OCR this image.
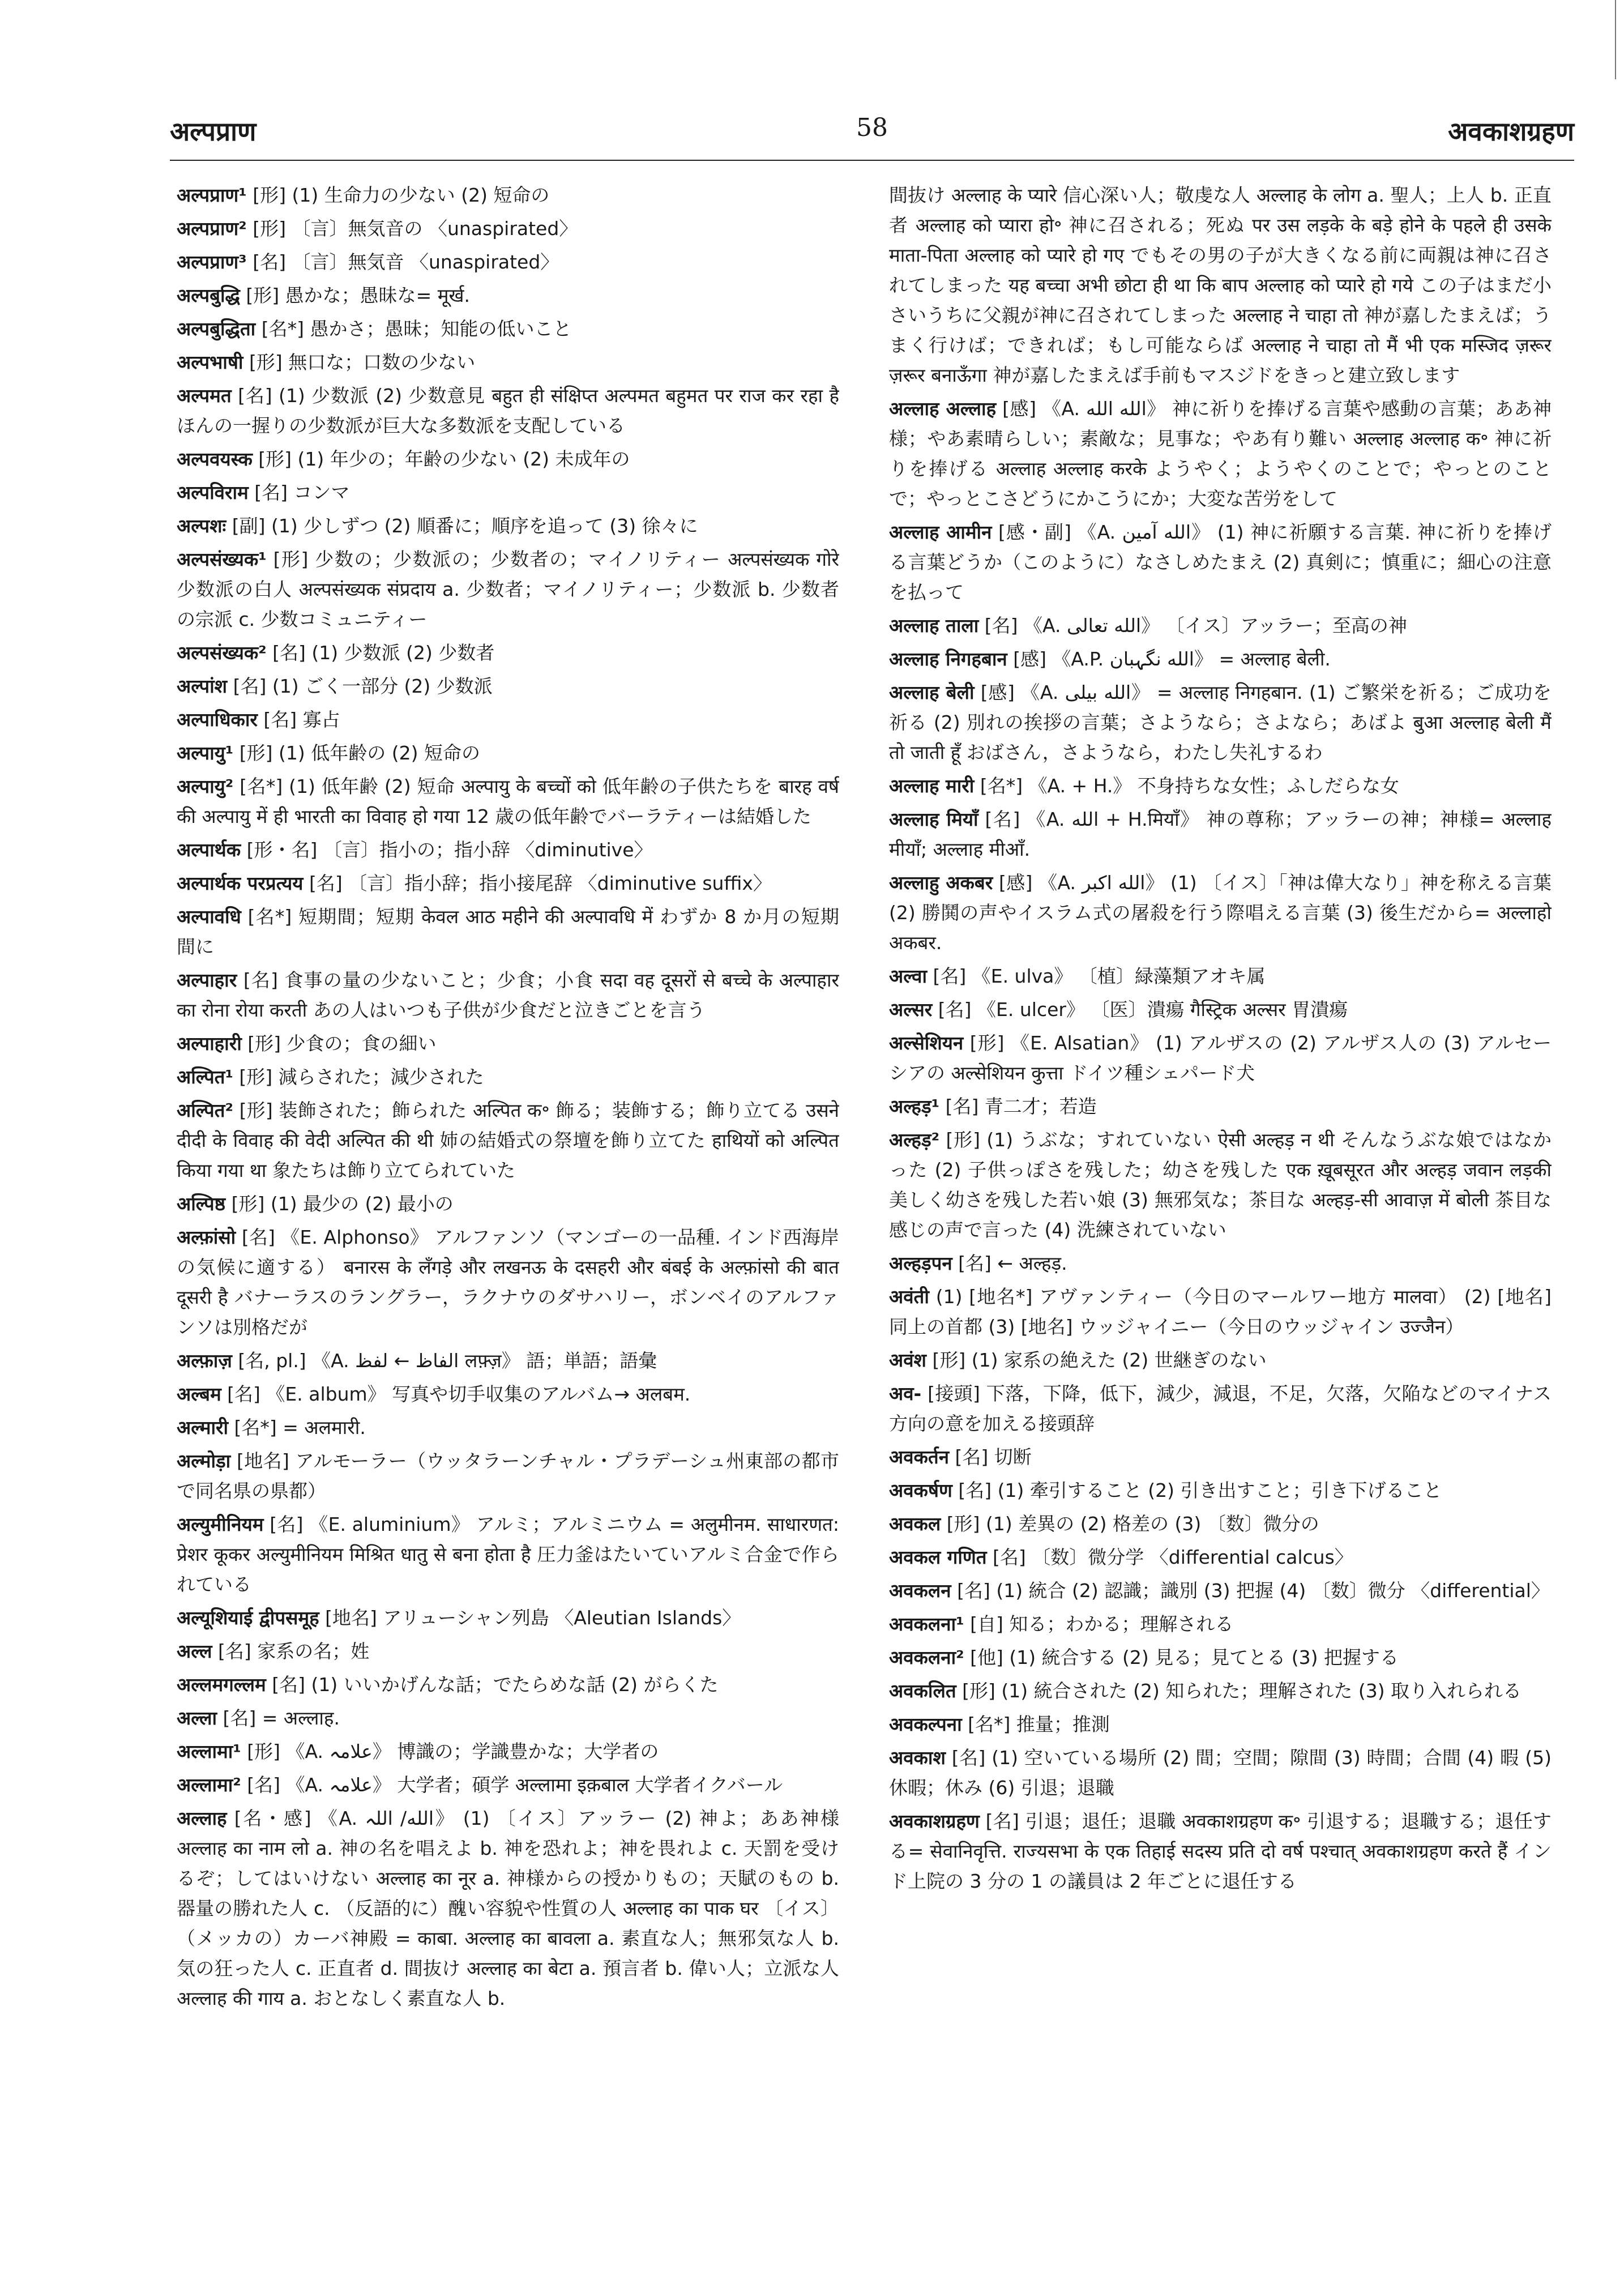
अल्पप्राण	58	अवकाशग्रहण

अल्पप्राण¹ [形] (1) 生命力の少ない (2) 短命の

अल्पप्राण² [形] 〔言〕無気音の 〈unaspirated〉

अल्पप्राण³ [名] 〔言〕無気音 〈unaspirated〉

अल्पबुद्धि [形] 愚かな；愚昧な= मूर्ख.

अल्पबुद्धिता [名*] 愚かさ；愚昧；知能の低いこと

अल्पभाषी [形] 無口な；口数の少ない

अल्पमत [名] (1) 少数派 (2) 少数意見 बहुत ही संक्षिप्त अल्पमत बहुमत पर राज कर रहा है ほんの一握りの少数派が巨大な多数派を支配している

अल्पवयस्क [形] (1) 年少の；年齢の少ない (2) 未成年の

अल्पविराम [名] コンマ

अल्पशः [副] (1) 少しずつ (2) 順番に；順序を追って (3) 徐々に

अल्पसंख्यक¹ [形] 少数の；少数派の；少数者の；マイノリティー अल्पसंख्यक गोरे 少数派の白人 अल्पसंख्यक संप्रदाय a. 少数者；マイノリティー；少数派 b. 少数者の宗派 c. 少数コミュニティー

अल्पसंख्यक² [名] (1) 少数派 (2) 少数者

अल्पांश [名] (1) ごく一部分 (2) 少数派

अल्पाधिकार [名] 寡占

अल्पायु¹ [形] (1) 低年齢の (2) 短命の

अल्पायु² [名*] (1) 低年齢 (2) 短命 अल्पायु के बच्चों को 低年齢の子供たちを बारह वर्ष की अल्पायु में ही भारती का विवाह हो गया 12 歳の低年齢でバーラティーは結婚した

अल्पार्थक [形・名] 〔言〕指小の；指小辞 〈diminutive〉

अल्पार्थक परप्रत्यय [名] 〔言〕指小辞；指小接尾辞 〈diminutive suffix〉

अल्पावधि [名*] 短期間；短期 केवल आठ महीने की अल्पावधि में わずか 8 か月の短期間に

अल्पाहार [名] 食事の量の少ないこと；少食；小食 सदा वह दूसरों से बच्चे के अल्पाहार का रोना रोया करती あの人はいつも子供が少食だと泣きごとを言う

अल्पाहारी [形] 少食の；食の細い

अल्पित¹ [形] 減らされた；減少された

अल्पित² [形] 装飾された；飾られた अल्पित क॰ 飾る；装飾する；飾り立てる उसने दीदी के विवाह की वेदी अल्पित की थी 姉の結婚式の祭壇を飾り立てた हाथियों को अल्पित किया गया था 象たちは飾り立てられていた

अल्पिष्ठ [形] (1) 最少の (2) 最小の

अल्फ़ांसो [名] 《E. Alphonso》 アルファンソ（マンゴーの一品種. インド西海岸の気候に適する） बनारस के लँगड़े और लखनऊ के दसहरी और बंबई के अल्फ़ांसो की बात दूसरी है バナーラスのラングラー，ラクナウのダサハリー，ボンベイのアルファンソは別格だが

अल्फ़ाज़ [名, pl.] 《A. الفاظ ← لفظ लफ़्ज़》 語；単語；語彙

अल्बम [名] 《E. album》 写真や切手収集のアルバム→ अलबम.

अल्मारी [名*] = अलमारी.

अल्मोड़ा [地名] アルモーラー（ウッタラーンチャル・プラデーシュ州東部の都市で同名県の県都）

अल्युमीनियम [名] 《E. aluminium》 アルミ；アルミニウム = अलुमीनम. साधारणत: प्रेशर कूकर अल्युमीनियम मिश्रित धातु से बना होता है 圧力釜はたいていアルミ合金で作られている

अल्यूशियाई द्वीपसमूह [地名] アリューシャン列島 〈Aleutian Islands〉

अल्ल [名] 家系の名；姓

अल्लमगल्लम [名] (1) いいかげんな話；でたらめな話 (2) がらくた

अल्ला [名] = अल्लाह.

अल्लामा¹ [形] 《A. علامہ》 博識の；学識豊かな；大学者の

अल्लामा² [名] 《A. علامہ》 大学者；碩学 अल्लामा इक़बाल 大学者イクバール

अल्लाह [名・感] 《A. الله/ اللہ》 (1) 〔イス〕アッラー (2) 神よ；ああ神様 अल्लाह का नाम लो a. 神の名を唱えよ b. 神を恐れよ；神を畏れよ c. 天罰を受けるぞ；してはいけない अल्लाह का नूर a. 神様からの授かりもの；天賦のもの b. 器量の勝れた人 c. （反語的に）醜い容貌や性質の人 अल्लाह का पाक घर 〔イス〕（メッカの）カーバ神殿 = काबा. अल्लाह का बावला a. 素直な人；無邪気な人 b. 気の狂った人 c. 正直者 d. 間抜け अल्लाह का बेटा a. 預言者 b. 偉い人；立派な人 अल्लाह की गाय a. おとなしく素直な人 b.

間抜け अल्लाह के प्यारे 信心深い人；敬虔な人 अल्लाह के लोग a. 聖人；上人 b. 正直者 अल्लाह को प्यारा हो॰ 神に召される；死ぬ पर उस लड़के के बड़े होने के पहले ही उसके माता-पिता अल्लाह को प्यारे हो गए でもその男の子が大きくなる前に両親は神に召されてしまった यह बच्चा अभी छोटा ही था कि बाप अल्लाह को प्यारे हो गये この子はまだ小さいうちに父親が神に召されてしまった अल्लाह ने चाहा तो 神が嘉したまえば；うまく行けば；できれば；もし可能ならば अल्लाह ने चाहा तो मैं भी एक मस्जिद ज़रूर ज़रूर बनाऊँगा 神が嘉したまえば手前もマスジドをきっと建立致します

अल्लाह अल्लाह [感] 《A. الله الله》 神に祈りを捧げる言葉や感動の言葉；ああ神様；やあ素晴らしい；素敵な；見事な；やあ有り難い अल्लाह अल्लाह क॰ 神に祈りを捧げる अल्लाह अल्लाह करके ようやく；ようやくのことで；やっとのことで；やっとこさどうにかこうにか；大変な苦労をして

अल्लाह आमीन [感・副] 《A. الله آمين》 (1) 神に祈願する言葉. 神に祈りを捧げる言葉どうか（このように）なさしめたまえ (2) 真剣に；慎重に；細心の注意を払って

अल्लाह ताला [名] 《A. الله تعالی》 〔イス〕アッラー；至高の神

अल्लाह निगहबान [感] 《A.P. الله نگہبان》 = अल्लाह बेली.

अल्लाह बेली [感] 《A. الله بیلی》 = अल्लाह निगहबान. (1) ご繁栄を祈る；ご成功を祈る (2) 別れの挨拶の言葉；さようなら；さよなら；あばよ बुआ अल्लाह बेली मैं तो जाती हूँ おばさん，さようなら，わたし失礼するわ

अल्लाह मारी [名*] 《A. + H.》 不身持ちな女性；ふしだらな女

अल्लाह मियाँ [名] 《A. الله + H.मियाँ》 神の尊称；アッラーの神；神様= अल्लाह मीयाँ; अल्लाह मीआँ.

अल्लाहु अकबर [感] 《A. الله اکبر》 (1) 〔イス〕「神は偉大なり」神を称える言葉 (2) 勝鬨の声やイスラム式の屠殺を行う際唱える言葉 (3) 後生だから= अल्लाहो अकबर.

अल्वा [名] 《E. ulva》 〔植〕緑藻類アオキ属

अल्सर [名] 《E. ulcer》 〔医〕潰瘍 गैस्ट्रिक अल्सर 胃潰瘍

अल्सेशियन [形] 《E. Alsatian》 (1) アルザスの (2) アルザス人の (3) アルセーシアの अल्सेशियन कुत्ता ドイツ種シェパード犬

अल्हड़¹ [名] 青二才；若造

अल्हड़² [形] (1) うぶな；すれていない ऐसी अल्हड़ न थी そんなうぶな娘ではなかった (2) 子供っぽさを残した；幼さを残した एक ख़ूबसूरत और अल्हड़ जवान लड़की 美しく幼さを残した若い娘 (3) 無邪気な；茶目な अल्हड़-सी आवाज़ में बोली 茶目な感じの声で言った (4) 洗練されていない

अल्हड़पन [名] ← अल्हड़.

अवंती (1) [地名*] アヴァンティー（今日のマールワー地方 मालवा） (2) [地名] 同上の首都 (3) [地名] ウッジャイニー（今日のウッジャイン उज्जैन）

अवंश [形] (1) 家系の絶えた (2) 世継ぎのない

अव- [接頭] 下落，下降，低下，減少，減退，不足，欠落，欠陥などのマイナス方向の意を加える接頭辞

अवकर्तन [名] 切断

अवकर्षण [名] (1) 牽引すること (2) 引き出すこと；引き下げること

अवकल [形] (1) 差異の (2) 格差の (3) 〔数〕微分の

अवकल गणित [名] 〔数〕微分学 〈differential calcus〉

अवकलन [名] (1) 統合 (2) 認識；識別 (3) 把握 (4) 〔数〕微分 〈differential〉

अवकलना¹ [自] 知る；わかる；理解される

अवकलना² [他] (1) 統合する (2) 見る；見てとる (3) 把握する

अवकलित [形] (1) 統合された (2) 知られた；理解された (3) 取り入れられる

अवकल्पना [名*] 推量；推測

अवकाश [名] (1) 空いている場所 (2) 間；空間；隙間 (3) 時間；合間 (4) 暇 (5) 休暇；休み (6) 引退；退職

अवकाशग्रहण [名] 引退；退任；退職 अवकाशग्रहण क॰ 引退する；退職する；退任する= सेवानिवृत्ति. राज्यसभा के एक तिहाई सदस्य प्रति दो वर्ष पश्चात् अवकाशग्रहण करते हैं インド上院の 3 分の 1 の議員は 2 年ごとに退任する
